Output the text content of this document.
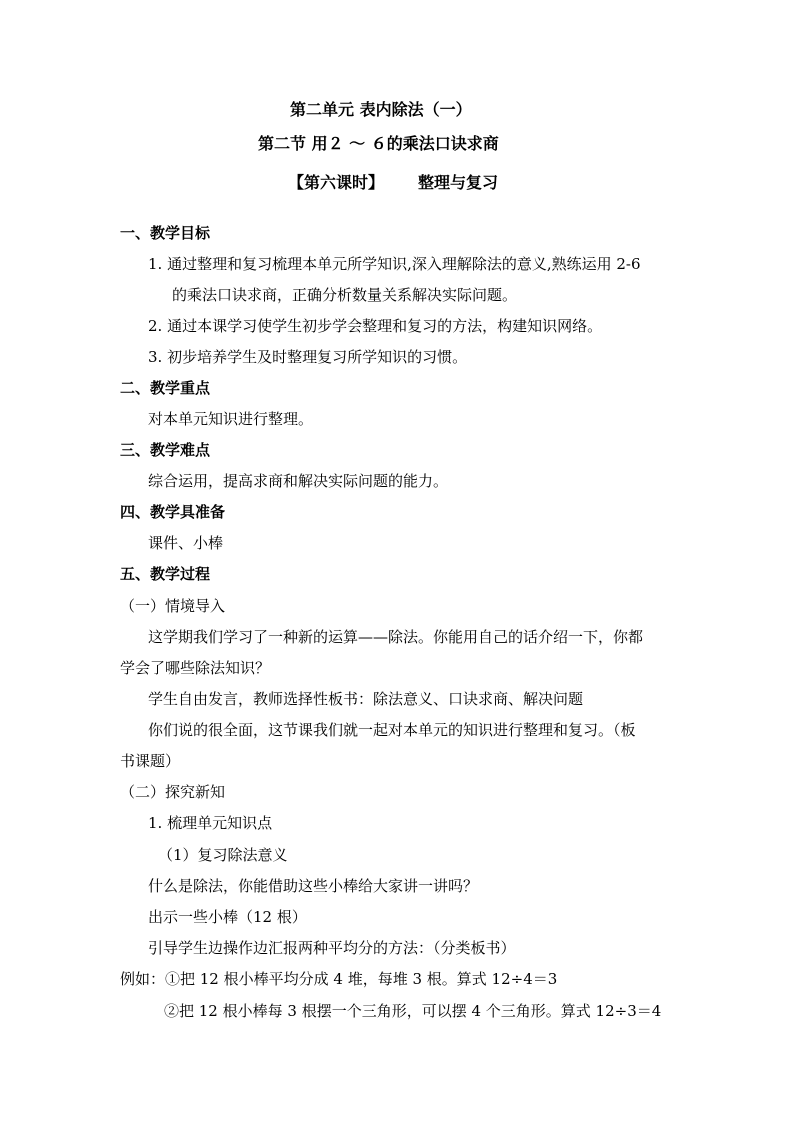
第二单元 表内除法（一）
第二节 用２ ～ ６的乘法口诀求商
【第六课时】 整理与复习
一、教学目标
1. 通过整理和复习梳理本单元所学知识,深入理解除法的意义,熟练运用 2-6
的乘法口诀求商，正确分析数量关系解决实际问题。
2. 通过本课学习使学生初步学会整理和复习的方法，构建知识网络。
3. 初步培养学生及时整理复习所学知识的习惯。
二、教学重点
对本单元知识进行整理。
三、教学难点
综合运用，提高求商和解决实际问题的能力。
四、教学具准备
课件、小棒
五、教学过程
（一）情境导入
这学期我们学习了一种新的运算——除法。你能用自己的话介绍一下，你都
学会了哪些除法知识？
学生自由发言，教师选择性板书：除法意义、口诀求商、解决问题
你们说的很全面，这节课我们就一起对本单元的知识进行整理和复习。（板
书课题）
（二）探究新知
1. 梳理单元知识点
（1）复习除法意义
什么是除法，你能借助这些小棒给大家讲一讲吗？
出示一些小棒（12 根）
引导学生边操作边汇报两种平均分的方法：（分类板书）
例如：①把 12 根小棒平均分成 4 堆，每堆 3 根。算式 12÷4＝3
②把 12 根小棒每 3 根摆一个三角形，可以摆 4 个三角形。算式 12÷3＝4
